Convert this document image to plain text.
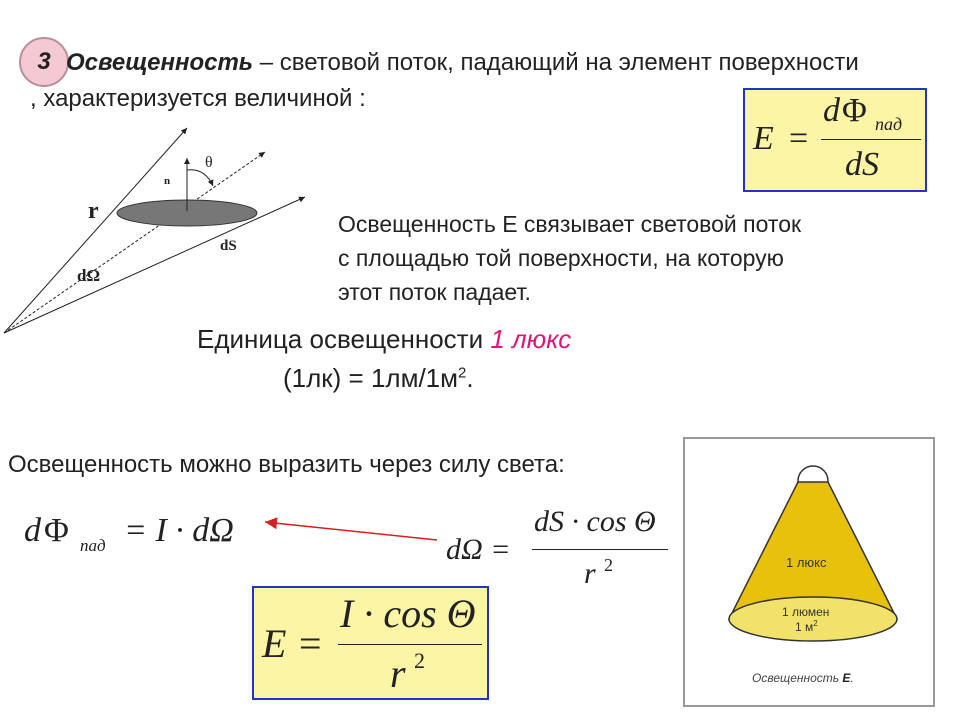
3 Освещенность – световой поток, падающий на элемент поверхности
, характеризуется величиной :
E =
d Φ пад
dS
r
n
θ
dS
dΩ
Освещенность Е связывает световой поток
с площадью той поверхности, на которую
этот поток падает.
Единица освещенности 1 люкс
$(1лк) = 1лм/1м^2$.
Освещенность можно выразить через силу света:
d Φ пад = I · dΩ
dΩ =
dS · cos Θ
r 2
E =
I · cos Θ
r 2
1 люкс
1 люмен
1 $м^2$
Освещенность E.
